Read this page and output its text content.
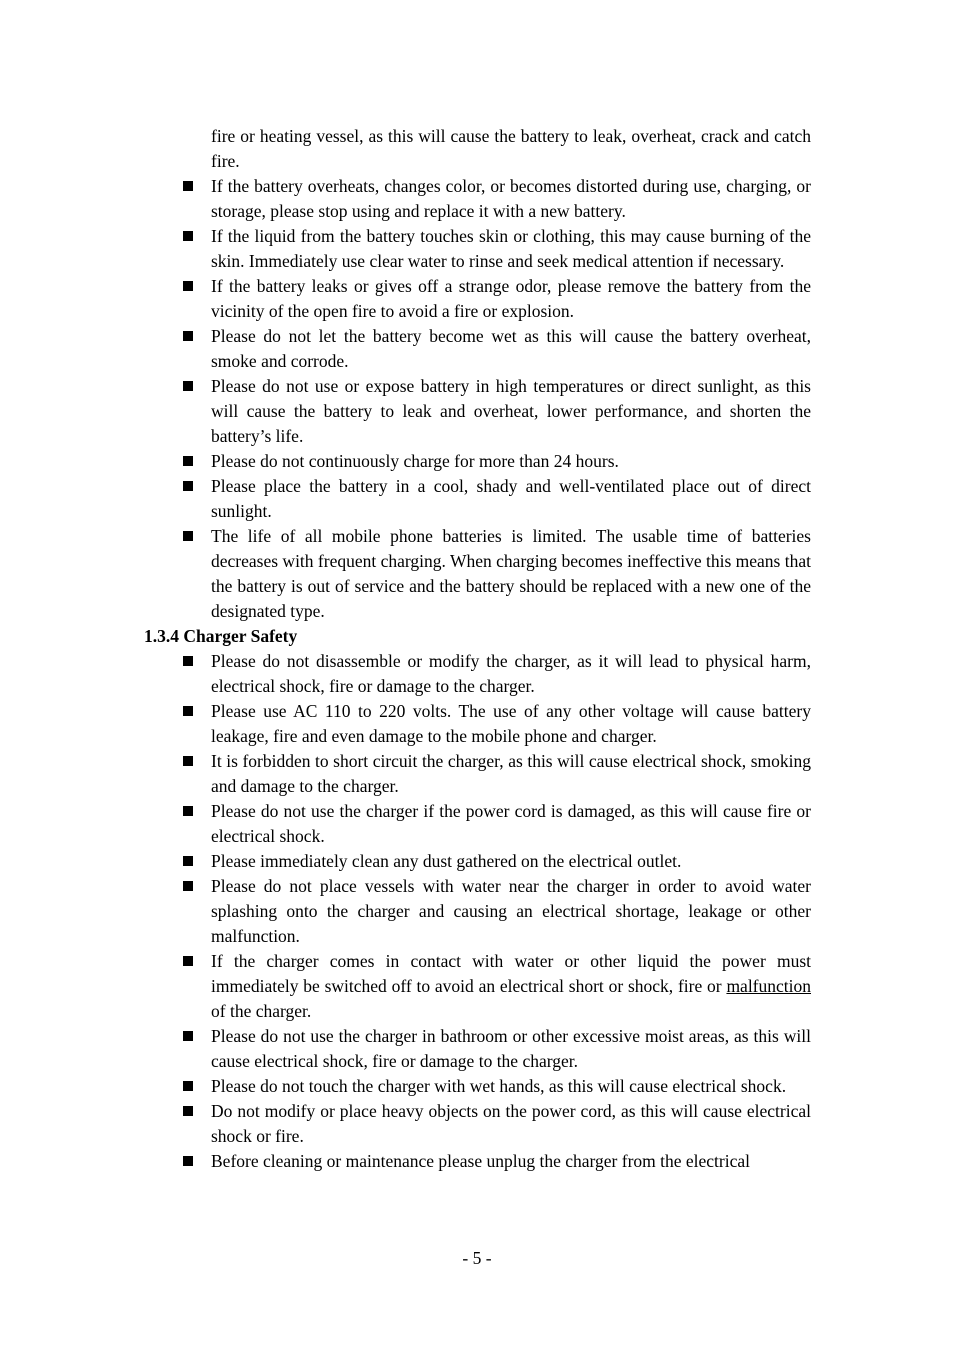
fire or heating vessel, as this will cause the battery to leak, overheat, crack and catch fire.
If the battery overheats, changes color, or becomes distorted during use, charging, or storage, please stop using and replace it with a new battery.
If the liquid from the battery touches skin or clothing, this may cause burning of the skin. Immediately use clear water to rinse and seek medical attention if necessary.
If the battery leaks or gives off a strange odor, please remove the battery from the vicinity of the open fire to avoid a fire or explosion.
Please do not let the battery become wet as this will cause the battery overheat, smoke and corrode.
Please do not use or expose battery in high temperatures or direct sunlight, as this will cause the battery to leak and overheat, lower performance, and shorten the battery’s life.
Please do not continuously charge for more than 24 hours.
Please place the battery in a cool, shady and well-ventilated place out of direct sunlight.
The life of all mobile phone batteries is limited. The usable time of batteries decreases with frequent charging. When charging becomes ineffective this means that the battery is out of service and the battery should be replaced with a new one of the designated type.
1.3.4 Charger Safety
Please do not disassemble or modify the charger, as it will lead to physical harm, electrical shock, fire or damage to the charger.
Please use AC 110 to 220 volts. The use of any other voltage will cause battery leakage, fire and even damage to the mobile phone and charger.
It is forbidden to short circuit the charger, as this will cause electrical shock, smoking and damage to the charger.
Please do not use the charger if the power cord is damaged, as this will cause fire or electrical shock.
Please immediately clean any dust gathered on the electrical outlet.
Please do not place vessels with water near the charger in order to avoid water splashing onto the charger and causing an electrical shortage, leakage or other malfunction.
If the charger comes in contact with water or other liquid the power must immediately be switched off to avoid an electrical short or shock, fire or malfunction of the charger.
Please do not use the charger in bathroom or other excessive moist areas, as this will cause electrical shock, fire or damage to the charger.
Please do not touch the charger with wet hands, as this will cause electrical shock.
Do not modify or place heavy objects on the power cord, as this will cause electrical shock or fire.
Before cleaning or maintenance please unplug the charger from the electrical
- 5 -
